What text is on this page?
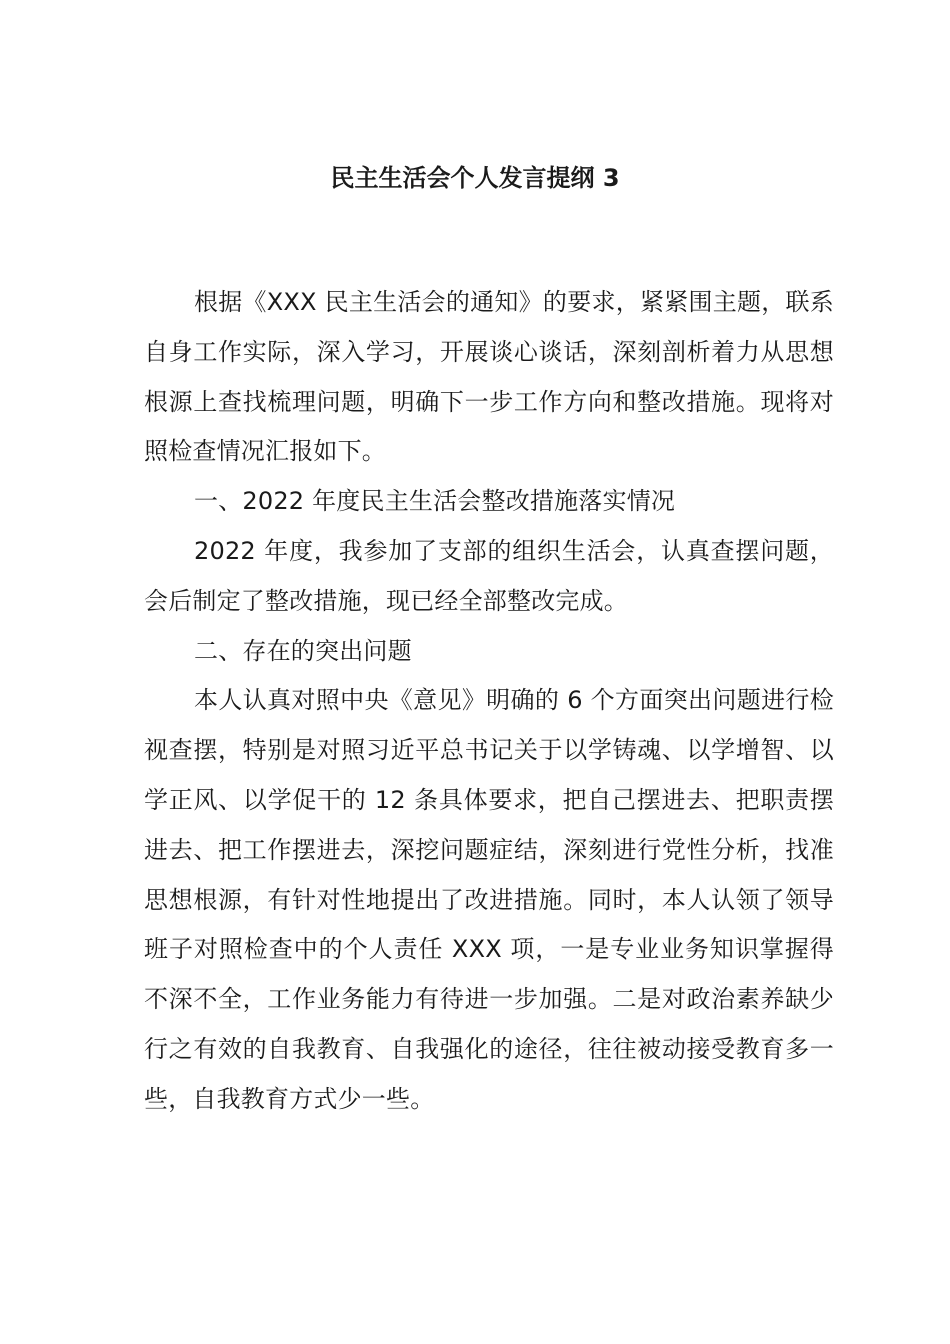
民主生活会个人发言提纲 3

根据《XXX 民主生活会的通知》的要求，紧紧围主题，联系自身工作实际，深入学习，开展谈心谈话，深刻剖析着力从思想根源上查找梳理问题，明确下一步工作方向和整改措施。现将对照检查情况汇报如下。

一、2022 年度民主生活会整改措施落实情况

2022 年度，我参加了支部的组织生活会，认真查摆问题，会后制定了整改措施，现已经全部整改完成。

二、存在的突出问题

本人认真对照中央《意见》明确的 6 个方面突出问题进行检视查摆，特别是对照习近平总书记关于以学铸魂、以学增智、以学正风、以学促干的 12 条具体要求，把自己摆进去、把职责摆进去、把工作摆进去，深挖问题症结，深刻进行党性分析，找准思想根源，有针对性地提出了改进措施。同时，本人认领了领导班子对照检查中的个人责任 XXX 项，一是专业业务知识掌握得不深不全，工作业务能力有待进一步加强。二是对政治素养缺少行之有效的自我教育、自我强化的途径，往往被动接受教育多一些，自我教育方式少一些。
